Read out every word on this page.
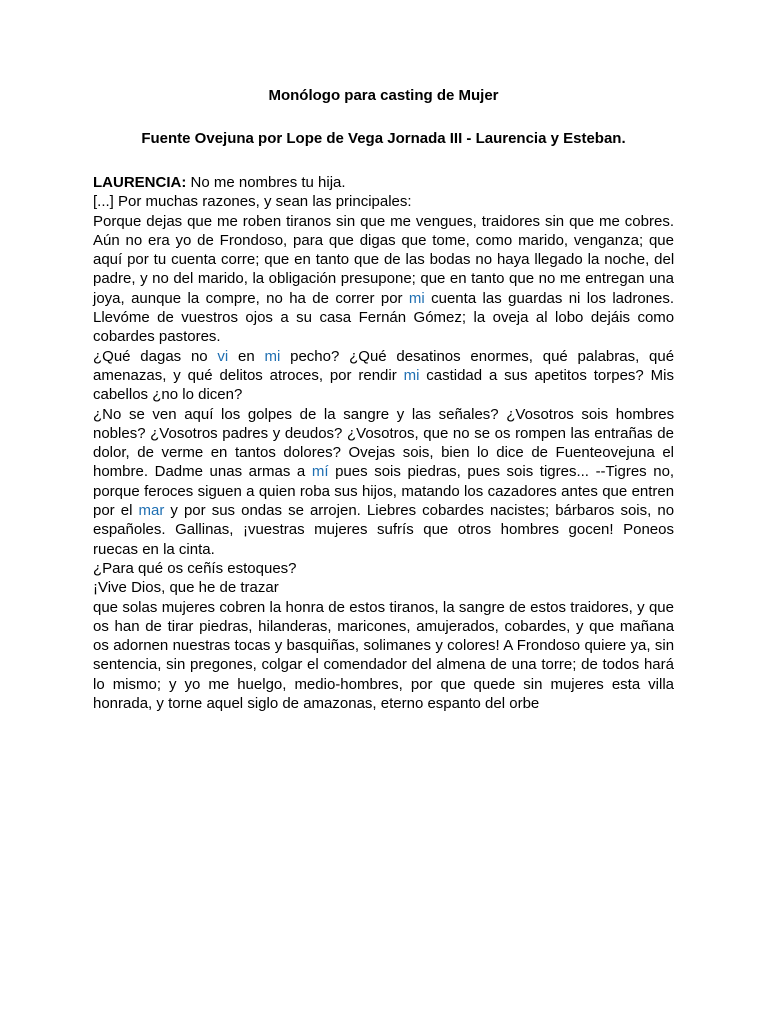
Monólogo para casting de Mujer

Fuente Ovejuna por Lope de Vega Jornada III - Laurencia y Esteban.

LAURENCIA: No me nombres tu hija.

[...] Por muchas razones, y sean las principales:

Porque dejas que me roben tiranos sin que me vengues, traidores sin que me cobres. Aún no era yo de Frondoso, para que digas que tome, como marido, venganza; que aquí por tu cuenta corre; que en tanto que de las bodas no haya llegado la noche, del padre, y no del marido, la obligación presupone; que en tanto que no me entregan una joya, aunque la compre, no ha de correr por mi cuenta las guardas ni los ladrones. Llevóme de vuestros ojos a su casa Fernán Gómez; la oveja al lobo dejáis como cobardes pastores.

¿Qué dagas no vi en mi pecho? ¿Qué desatinos enormes, qué palabras, qué amenazas, y qué delitos atroces, por rendir mi castidad a sus apetitos torpes? Mis cabellos ¿no lo dicen?

¿No se ven aquí los golpes de la sangre y las señales? ¿Vosotros sois hombres nobles? ¿Vosotros padres y deudos? ¿Vosotros, que no se os rompen las entrañas de dolor, de verme en tantos dolores? Ovejas sois, bien lo dice de Fuenteovejuna el hombre. Dadme unas armas a mí pues sois piedras, pues sois tigres... --Tigres no, porque feroces siguen a quien roba sus hijos, matando los cazadores antes que entren por el mar y por sus ondas se arrojen. Liebres cobardes nacistes; bárbaros sois, no españoles. Gallinas, ¡vuestras mujeres sufrís que otros hombres gocen! Poneos ruecas en la cinta.

¿Para qué os ceñís estoques?

¡Vive Dios, que he de trazar

que solas mujeres cobren la honra de estos tiranos, la sangre de estos traidores, y que os han de tirar piedras, hilanderas, maricones, amujerados, cobardes, y que mañana os adornen nuestras tocas y basquiñas, solimanes y colores! A Frondoso quiere ya, sin sentencia, sin pregones, colgar el comendador del almena de una torre; de todos hará lo mismo; y yo me huelgo, medio-hombres, por que quede sin mujeres esta villa honrada, y torne aquel siglo de amazonas, eterno espanto del orbe
